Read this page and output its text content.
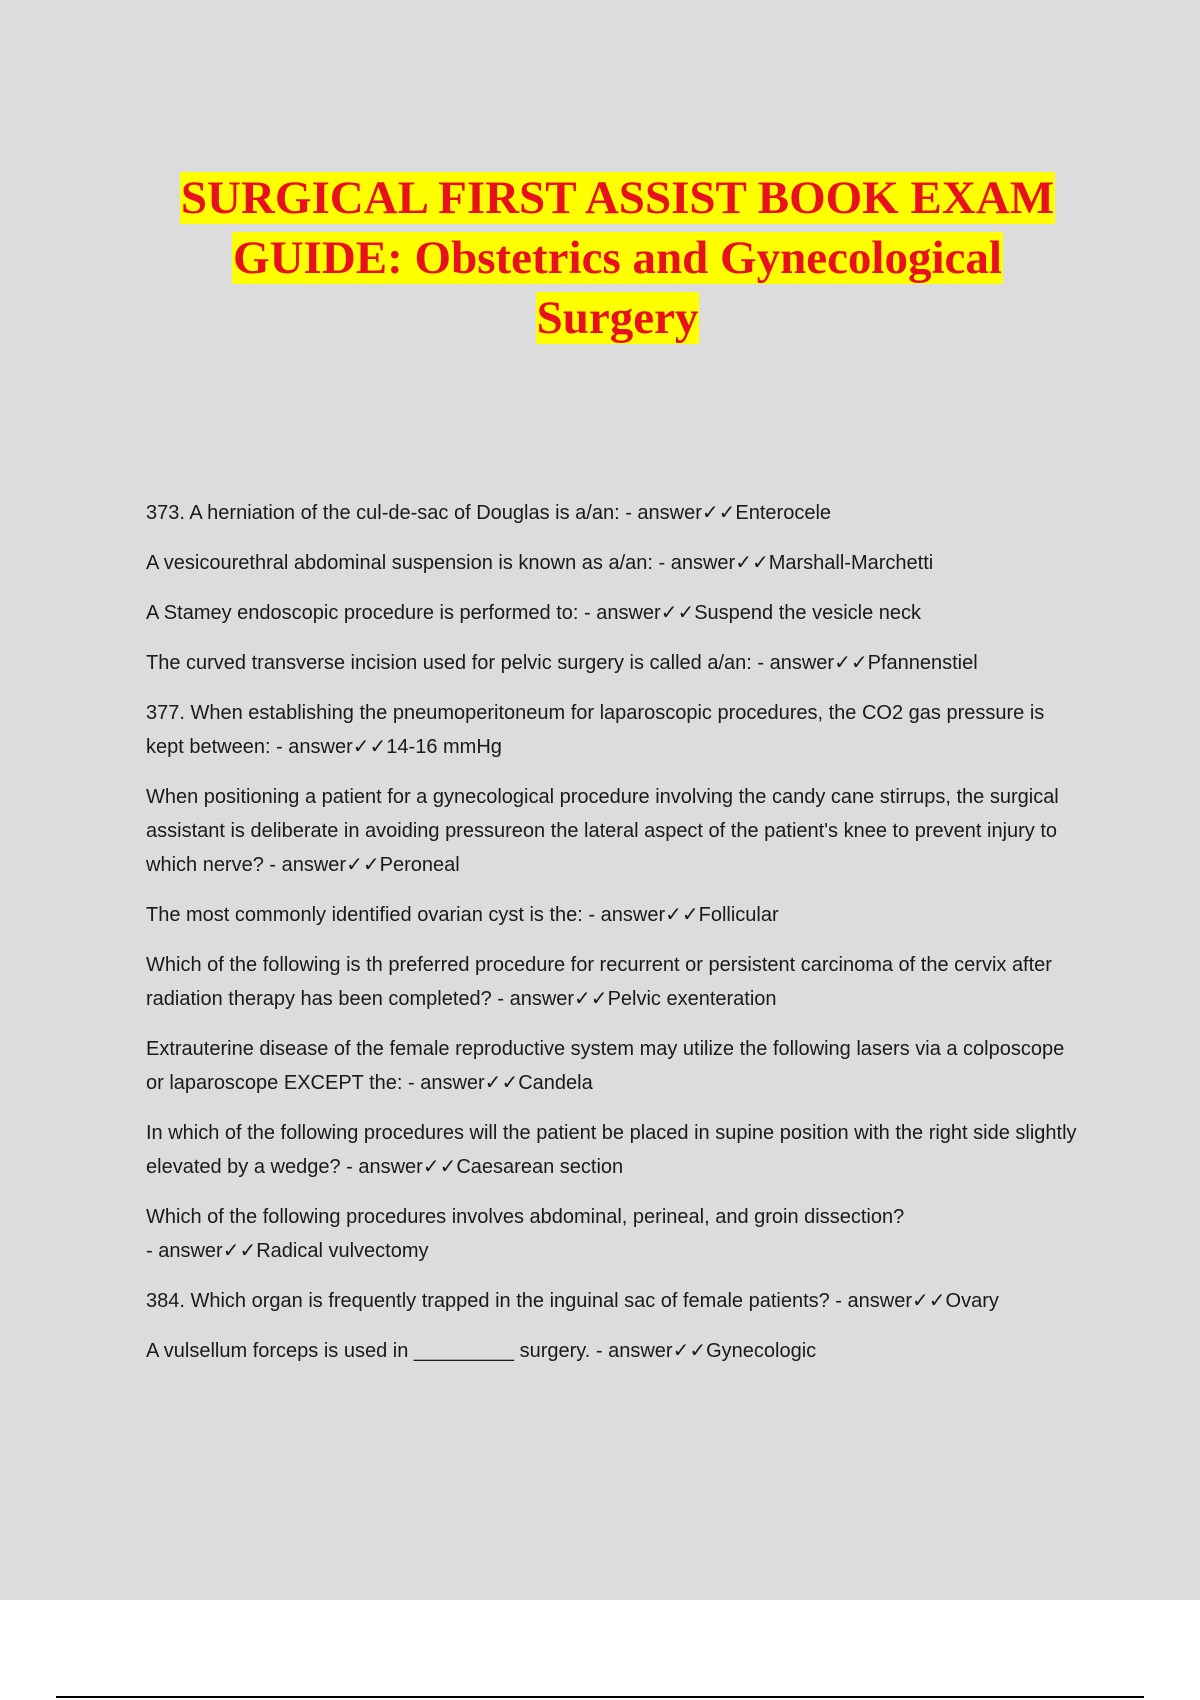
SURGICAL FIRST ASSIST BOOK EXAM
GUIDE: Obstetrics and Gynecological
Surgery
373. A herniation of the cul-de-sac of Douglas is a/an: - answer✓✓Enterocele
A vesicourethral abdominal suspension is known as a/an: - answer✓✓Marshall-Marchetti
A Stamey endoscopic procedure is performed to: - answer✓✓Suspend the vesicle neck
The curved transverse incision used for pelvic surgery is called a/an: - answer✓✓Pfannenstiel
377. When establishing the pneumoperitoneum for laparoscopic procedures, the CO2 gas pressure is kept between: - answer✓✓14-16 mmHg
When positioning a patient for a gynecological procedure involving the candy cane stirrups, the surgical assistant is deliberate in avoiding pressureon the lateral aspect of the patient's knee to prevent injury to which nerve? - answer✓✓Peroneal
The most commonly identified ovarian cyst is the: - answer✓✓Follicular
Which of the following is th preferred procedure for recurrent or persistent carcinoma of the cervix after radiation therapy has been completed? - answer✓✓Pelvic exenteration
Extrauterine disease of the female reproductive system may utilize the following lasers via a colposcope or laparoscope EXCEPT the: - answer✓✓Candela
In which of the following procedures will the patient be placed in supine position with the right side slightly elevated by a wedge? - answer✓✓Caesarean section
Which of the following procedures involves abdominal, perineal, and groin dissection? - answer✓✓Radical vulvectomy
384. Which organ is frequently trapped in the inguinal sac of female patients? - answer✓✓Ovary
A vulsellum forceps is used in _________ surgery. - answer✓✓Gynecologic
